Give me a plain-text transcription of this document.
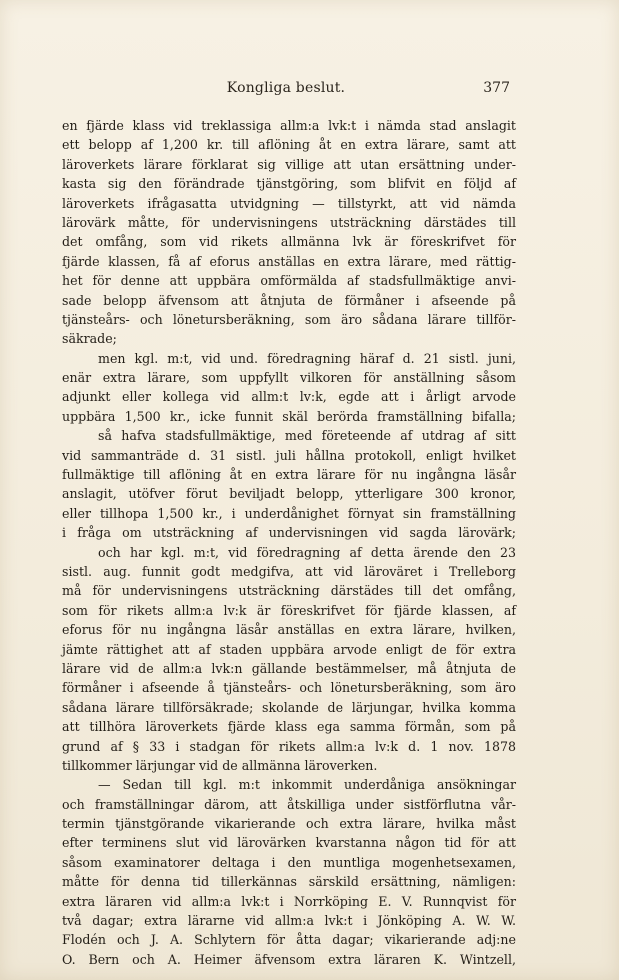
Kongliga beslut.	377
en fjärde klass vid treklassiga allm:a lvk:t i nämda stad anslagit
ett belopp af 1,200 kr. till aflöning åt en extra lärare, samt att
läroverkets lärare förklarat sig villige att utan ersättning under-
kasta sig den förändrade tjänstgöring, som blifvit en följd af
läroverkets ifrågasatta utvidgning — tillstyrkt, att vid nämda
lärovärk måtte, för undervisningens utsträckning därstädes till
det omfång, som vid rikets allmänna lvk är föreskrifvet för
fjärde klassen, få af eforus anställas en extra lärare, med rättig-
het för denne att uppbära omförmälda af stadsfullmäktige anvi-
sade belopp äfvensom att åtnjuta de förmåner i afseende på
tjänsteårs- och lönetursberäkning, som äro sådana lärare tillför-
säkrade;
men kgl. m:t, vid und. föredragning häraf d. 21 sistl. juni,
enär extra lärare, som uppfyllt vilkoren för anställning såsom
adjunkt eller kollega vid allm:t lv:k, egde att i årligt arvode
uppbära 1,500 kr., icke funnit skäl berörda framställning bifalla;
så hafva stadsfullmäktige, med företeende af utdrag af sitt
vid sammanträde d. 31 sistl. juli hållna protokoll, enligt hvilket
fullmäktige till aflöning åt en extra lärare för nu ingångna läsår
anslagit, utöfver förut beviljadt belopp, ytterligare 300 kronor,
eller tillhopa 1,500 kr., i underdånighet förnyat sin framställning
i fråga om utsträckning af undervisningen vid sagda lärovärk;
och har kgl. m:t, vid föredragning af detta ärende den 23
sistl. aug. funnit godt medgifva, att vid läroväret i Trelleborg
må för undervisningens utsträckning därstädes till det omfång,
som för rikets allm:a lv:k är föreskrifvet för fjärde klassen, af
eforus för nu ingångna läsår anställas en extra lärare, hvilken,
jämte rättighet att af staden uppbära arvode enligt de för extra
lärare vid de allm:a lvk:n gällande bestämmelser, må åtnjuta de
förmåner i afseende å tjänsteårs- och lönetursberäkning, som äro
sådana lärare tillförsäkrade; skolande de lärjungar, hvilka komma
att tillhöra läroverkets fjärde klass ega samma förmån, som på
grund af § 33 i stadgan för rikets allm:a lv:k d. 1 nov. 1878
tillkommer lärjungar vid de allmänna läroverken.
— Sedan till kgl. m:t inkommit underdåniga ansökningar
och framställningar därom, att åtskilliga under sistförflutna vår-
termin tjänstgörande vikarierande och extra lärare, hvilka måst
efter terminens slut vid lärovärken kvarstanna någon tid för att
såsom examinatorer deltaga i den muntliga mogenhetsexamen,
måtte för denna tid tillerkännas särskild ersättning, nämligen:
extra läraren vid allm:a lvk:t i Norrköping E. V. Runnqvist för
två dagar; extra lärarne vid allm:a lvk:t i Jönköping A. W. W.
Flodén och J. A. Schlytern för åtta dagar; vikarierande adj:ne
O. Bern och A. Heimer äfvensom extra läraren K. Wintzell,
